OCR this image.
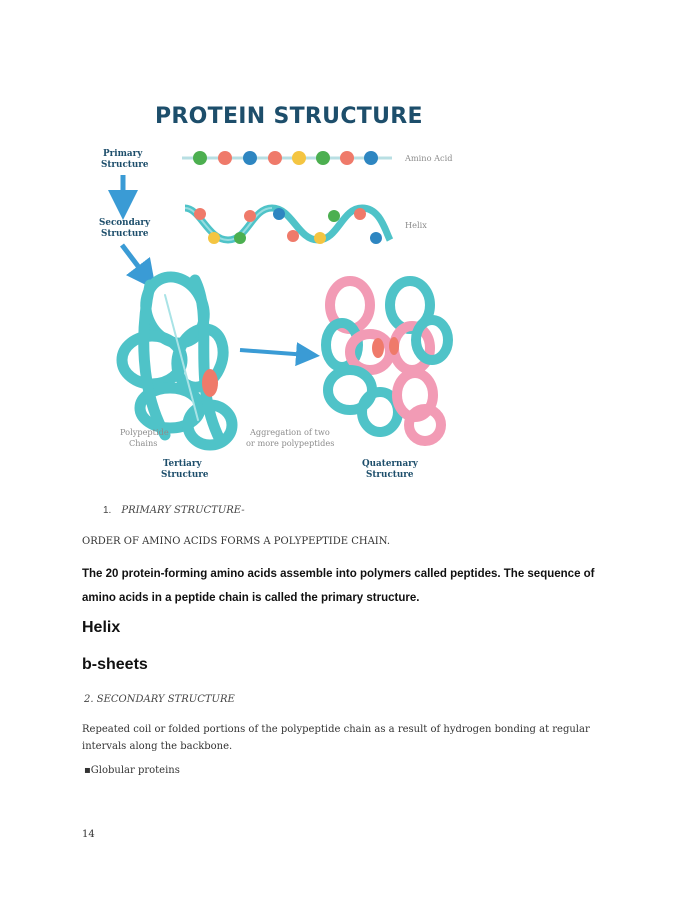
PROTEIN STRUCTURE
Primary
Structure
Secondary
Structure
Amino Acid
Helix
Polypeptide
Chains
Tertiary
Structure
Aggregation of two
or more polypeptides
Quaternary
Structure

1. PRIMARY STRUCTURE-

ORDER OF AMINO ACIDS FORMS A POLYPEPTIDE CHAIN.

The 20 protein-forming amino acids assemble into polymers called peptides. The sequence of amino acids in a peptide chain is called the primary structure.

Helix
b-sheets

2. SECONDARY STRUCTURE

Repeated coil or folded portions of the polypeptide chain as a result of hydrogen bonding at regular intervals along the backbone.

▪Globular proteins

14
